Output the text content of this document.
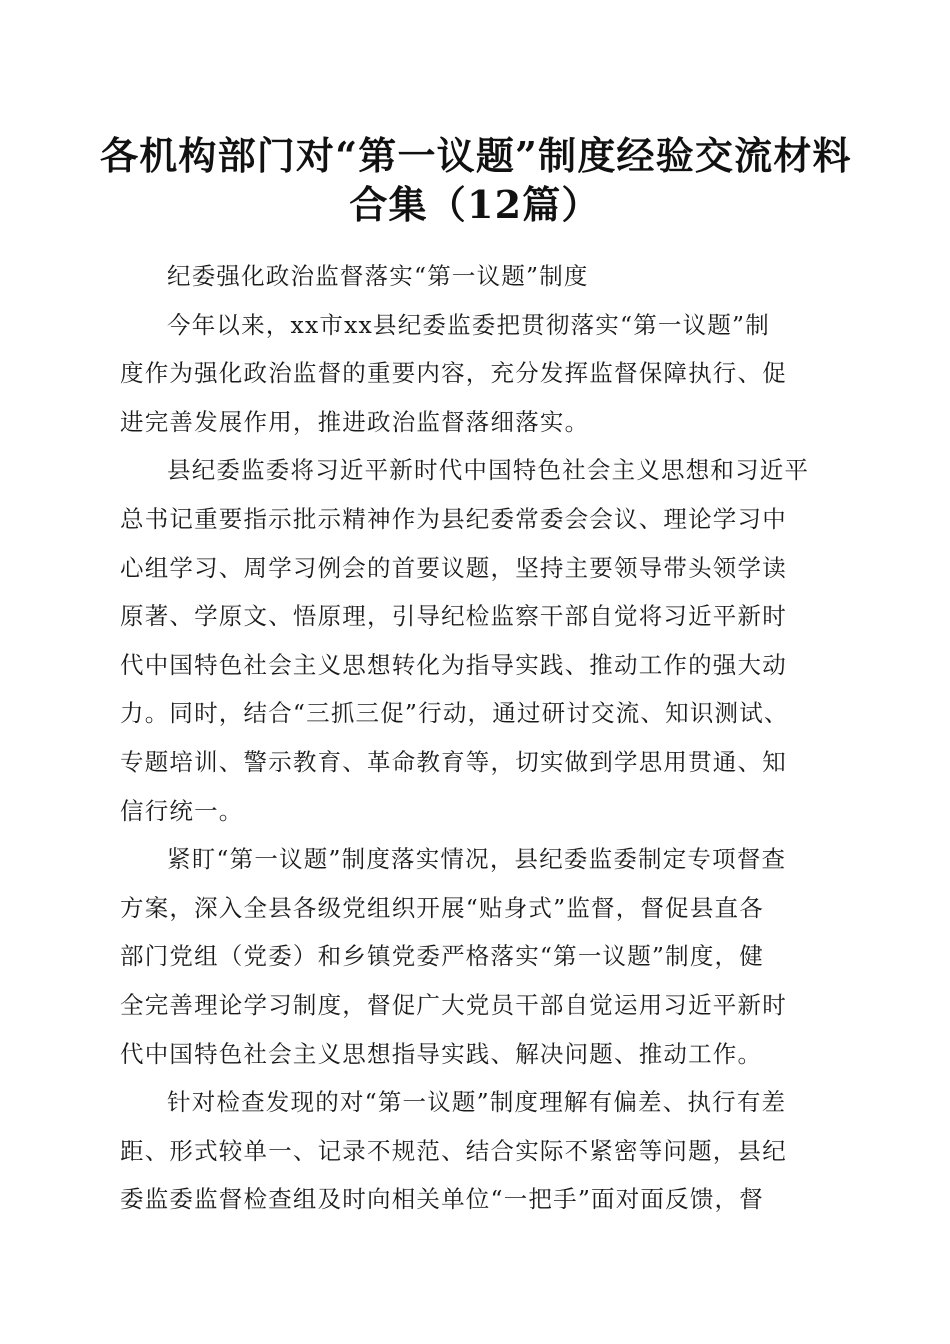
各机构部门对“第一议题”制度经验交流材料
合集（12篇）
纪委强化政治监督落实“第一议题”制度
今年以来，xx市xx县纪委监委把贯彻落实“第一议题”制
度作为强化政治监督的重要内容，充分发挥监督保障执行、促
进完善发展作用，推进政治监督落细落实。
县纪委监委将习近平新时代中国特色社会主义思想和习近平
总书记重要指示批示精神作为县纪委常委会会议、理论学习中
心组学习、周学习例会的首要议题，坚持主要领导带头领学读
原著、学原文、悟原理，引导纪检监察干部自觉将习近平新时
代中国特色社会主义思想转化为指导实践、推动工作的强大动
力。同时，结合“三抓三促”行动，通过研讨交流、知识测试、
专题培训、警示教育、革命教育等，切实做到学思用贯通、知
信行统一。
紧盯“第一议题”制度落实情况，县纪委监委制定专项督查
方案，深入全县各级党组织开展“贴身式”监督，督促县直各
部门党组（党委）和乡镇党委严格落实“第一议题”制度，健
全完善理论学习制度，督促广大党员干部自觉运用习近平新时
代中国特色社会主义思想指导实践、解决问题、推动工作。
针对检查发现的对“第一议题”制度理解有偏差、执行有差
距、形式较单一、记录不规范、结合实际不紧密等问题，县纪
委监委监督检查组及时向相关单位“一把手”面对面反馈，督
